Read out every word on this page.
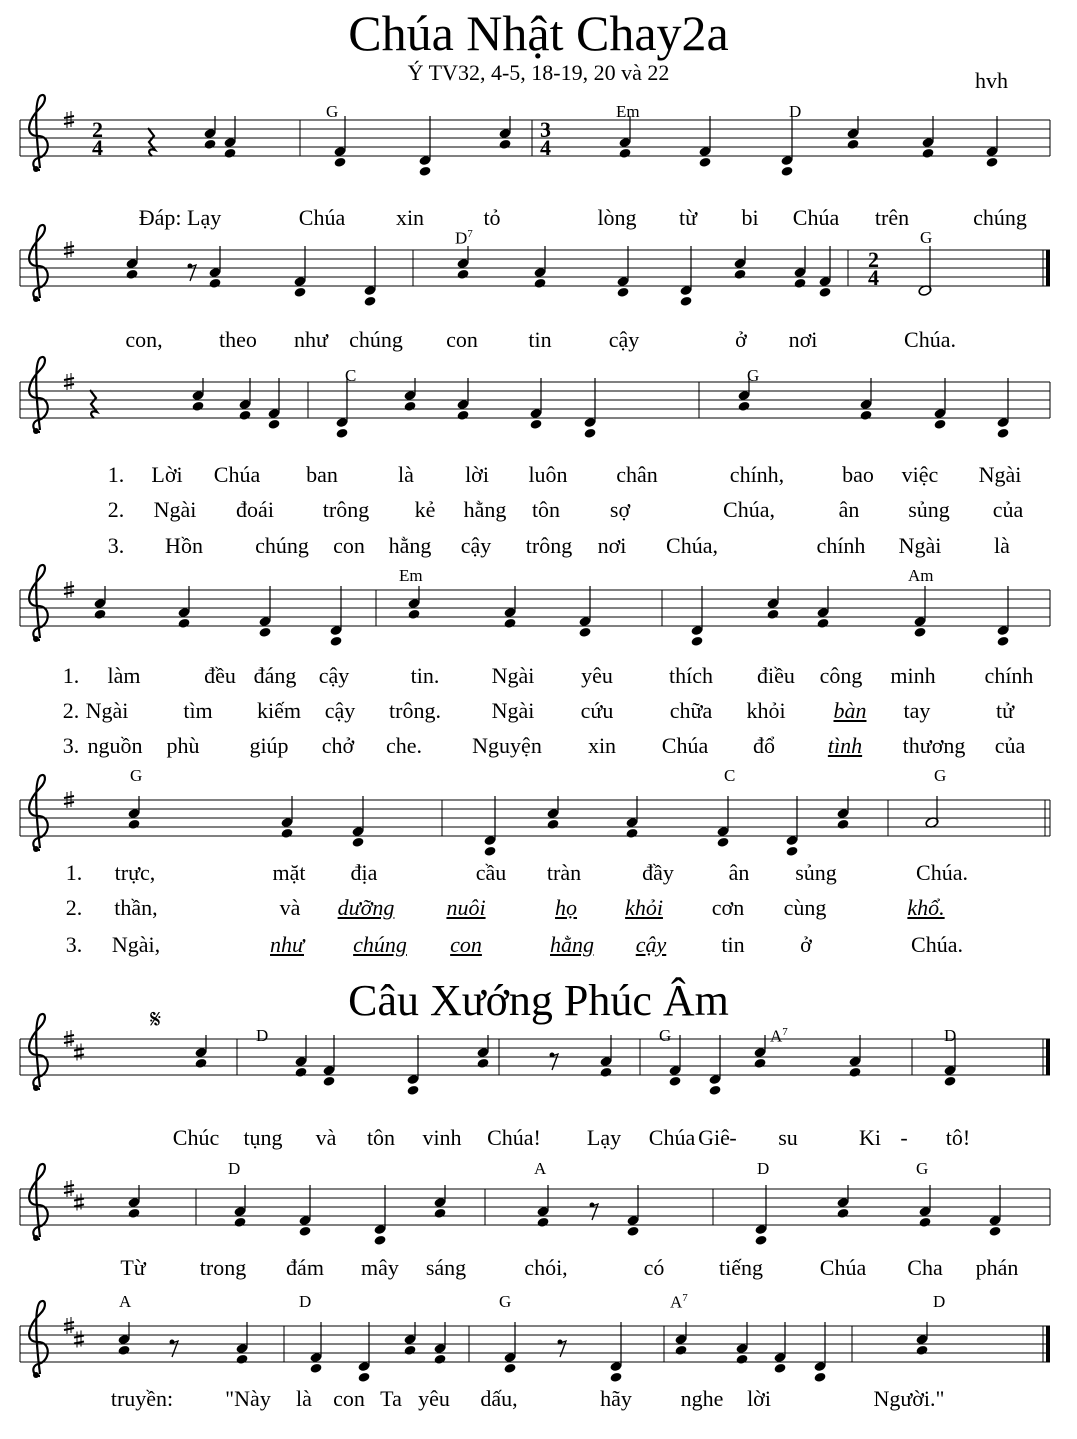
2
4
3
4
2
4
𝄋
Chúa Nhật Chay2a
Ý TV32, 4-5, 18-19, 20 và 22	hvh
Câu Xướng Phúc Âm
G	Em	D
$D^7$	G
C	G
Em	Am
G	C	G
D	G	$A^7$	D
D	A	D	G
A	D	G	$A^7$	D
Đáp: Lạy	Chúa xin	tỏ	lòng từ bi Chúa trên	chúng
con,	theo như chúng con tin	cậy	ở nơi	Chúa.
1. Lời Chúa ban	là lời luôn chân	chính,	bao việc Ngài
2. Ngài đoái trông kẻ hằng tôn sợ	Chúa,	ân sủng của
3. Hồn chúng con hằng cậy trông nơi Chúa,	chính Ngài là
1. làm	đều đáng cậy	tin. Ngài yêu	thích điều công minh chính
2. Ngài tìm kiếm cậy trông. Ngài cứu	chữa khỏi bàn tay	tử
3. nguồn phù giúp chở che. Nguyện xin Chúa đổ tình thương của
1. trực,	mặt địa	cầu tràn	đầy ân sủng	Chúa.
2. thần,	và dưỡng nuôi	họ khỏi cơn cùng	khổ.
3. Ngài,	như chúng con	hằng cậy	tin	ở	Chúa.
Chúc tụng và tôn vinh Chúa! Lạy Chúa Giê - su	Ki - tô!
Từ trong đám mây sáng	chói,	có tiếng	Chúa Cha phán
truyền: "Này là con Ta yêu dấu,	hãy nghe lời	Người."
